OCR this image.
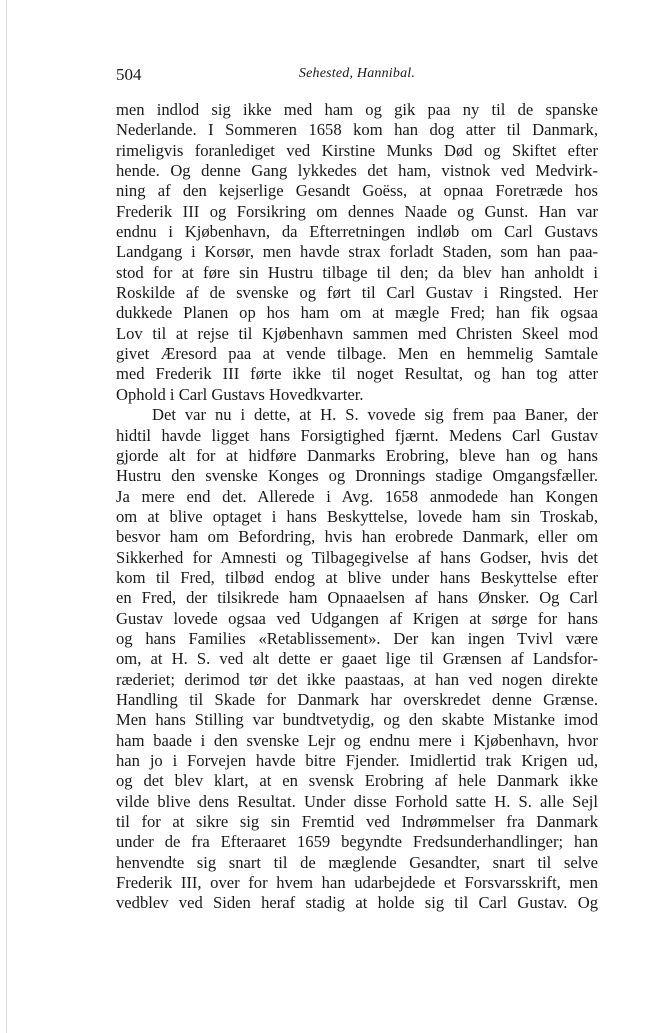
504	Sehested, Hannibal.
men indlod sig ikke med ham og gik paa ny til de spanske
Nederlande. I Sommeren 1658 kom han dog atter til Danmark,
rimeligvis foranlediget ved Kirstine Munks Død og Skiftet efter
hende. Og denne Gang lykkedes det ham, vistnok ved Medvirk-
ning af den kejserlige Gesandt Goëss, at opnaa Foretræde hos
Frederik III og Forsikring om dennes Naade og Gunst. Han var
endnu i Kjøbenhavn, da Efterretningen indløb om Carl Gustavs
Landgang i Korsør, men havde strax forladt Staden, som han paa-
stod for at føre sin Hustru tilbage til den; da blev han anholdt i
Roskilde af de svenske og ført til Carl Gustav i Ringsted. Her
dukkede Planen op hos ham om at mægle Fred; han fik ogsaa
Lov til at rejse til Kjøbenhavn sammen med Christen Skeel mod
givet Æresord paa at vende tilbage. Men en hemmelig Samtale
med Frederik III førte ikke til noget Resultat, og han tog atter
Ophold i Carl Gustavs Hovedkvarter.
Det var nu i dette, at H. S. vovede sig frem paa Baner, der
hidtil havde ligget hans Forsigtighed fjærnt. Medens Carl Gustav
gjorde alt for at hidføre Danmarks Erobring, bleve han og hans
Hustru den svenske Konges og Dronnings stadige Omgangsfæller.
Ja mere end det. Allerede i Avg. 1658 anmodede han Kongen
om at blive optaget i hans Beskyttelse, lovede ham sin Troskab,
besvor ham om Befordring, hvis han erobrede Danmark, eller om
Sikkerhed for Amnesti og Tilbagegivelse af hans Godser, hvis det
kom til Fred, tilbød endog at blive under hans Beskyttelse efter
en Fred, der tilsikrede ham Opnaaelsen af hans Ønsker. Og Carl
Gustav lovede ogsaa ved Udgangen af Krigen at sørge for hans
og hans Families «Retablissement». Der kan ingen Tvivl være
om, at H. S. ved alt dette er gaaet lige til Grænsen af Landsfor-
ræderiet; derimod tør det ikke paastaas, at han ved nogen direkte
Handling til Skade for Danmark har overskredet denne Grænse.
Men hans Stilling var bundtvetydig, og den skabte Mistanke imod
ham baade i den svenske Lejr og endnu mere i Kjøbenhavn, hvor
han jo i Forvejen havde bitre Fjender. Imidlertid trak Krigen ud,
og det blev klart, at en svensk Erobring af hele Danmark ikke
vilde blive dens Resultat. Under disse Forhold satte H. S. alle Sejl
til for at sikre sig sin Fremtid ved Indrømmelser fra Danmark
under de fra Efteraaret 1659 begyndte Fredsunderhandlinger; han
henvendte sig snart til de mæglende Gesandter, snart til selve
Frederik III, over for hvem han udarbejdede et Forsvarsskrift, men
vedblev ved Siden heraf stadig at holde sig til Carl Gustav. Og
